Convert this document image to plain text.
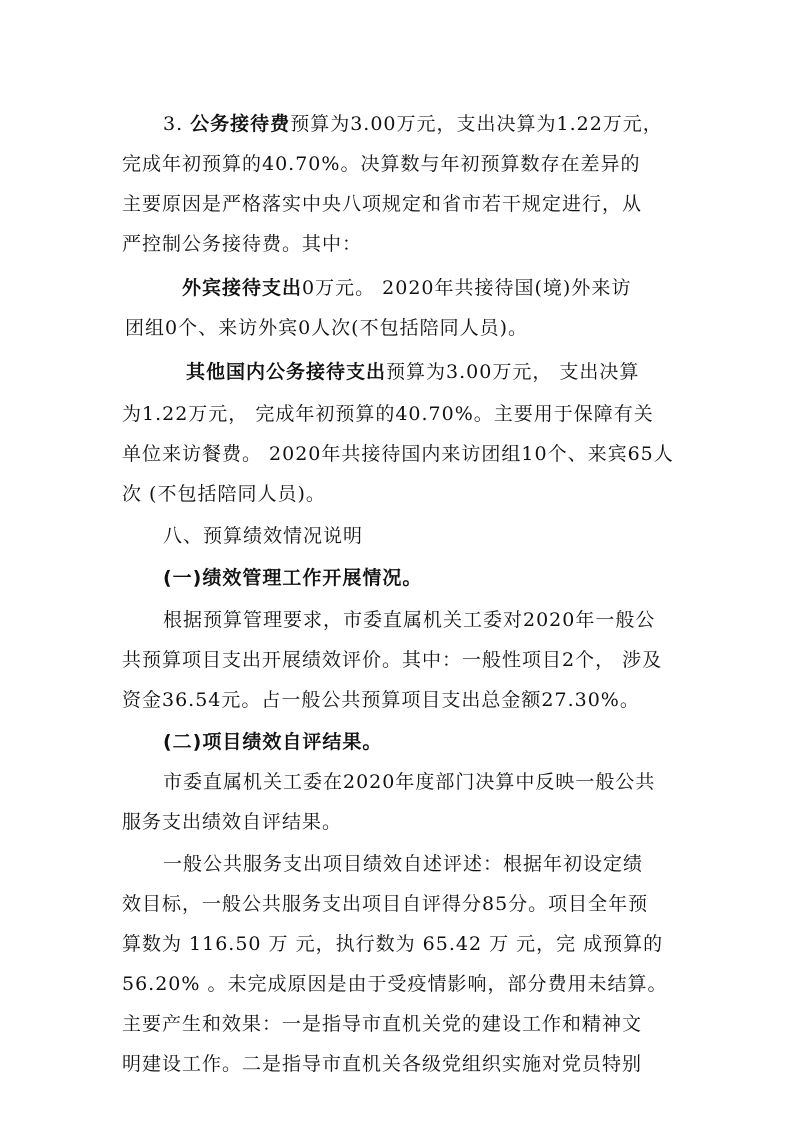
3. 公务接待费预算为3.00万元，支出决算为1.22万元，
完成年初预算的40.70%。决算数与年初预算数存在差异的
主要原因是严格落实中央八项规定和省市若干规定进行，从
严控制公务接待费。其中：
外宾接待支出0万元。 2020年共接待国(境)外来访
团组0个、来访外宾0人次(不包括陪同人员)。
其他国内公务接待支出预算为3.00万元， 支出决算
为1.22万元， 完成年初预算的40.70%。主要用于保障有关
单位来访餐费。 2020年共接待国内来访团组10个、来宾65人
次 (不包括陪同人员)。
八、预算绩效情况说明
(一)绩效管理工作开展情况。
根据预算管理要求，市委直属机关工委对2020年一般公
共预算项目支出开展绩效评价。其中：一般性项目2个， 涉及
资金36.54元。占一般公共预算项目支出总金额27.30%。
(二)项目绩效自评结果。
市委直属机关工委在2020年度部门决算中反映一般公共
服务支出绩效自评结果。
一般公共服务支出项目绩效自述评述：根据年初设定绩
效目标，一般公共服务支出项目自评得分85分。项目全年预
算数为 116.50 万 元，执行数为 65.42 万 元，完 成预算的
56.20% 。未完成原因是由于受疫情影响，部分费用未结算。
主要产生和效果：一是指导市直机关党的建设工作和精神文
明建设工作。二是指导市直机关各级党组织实施对党员特别
